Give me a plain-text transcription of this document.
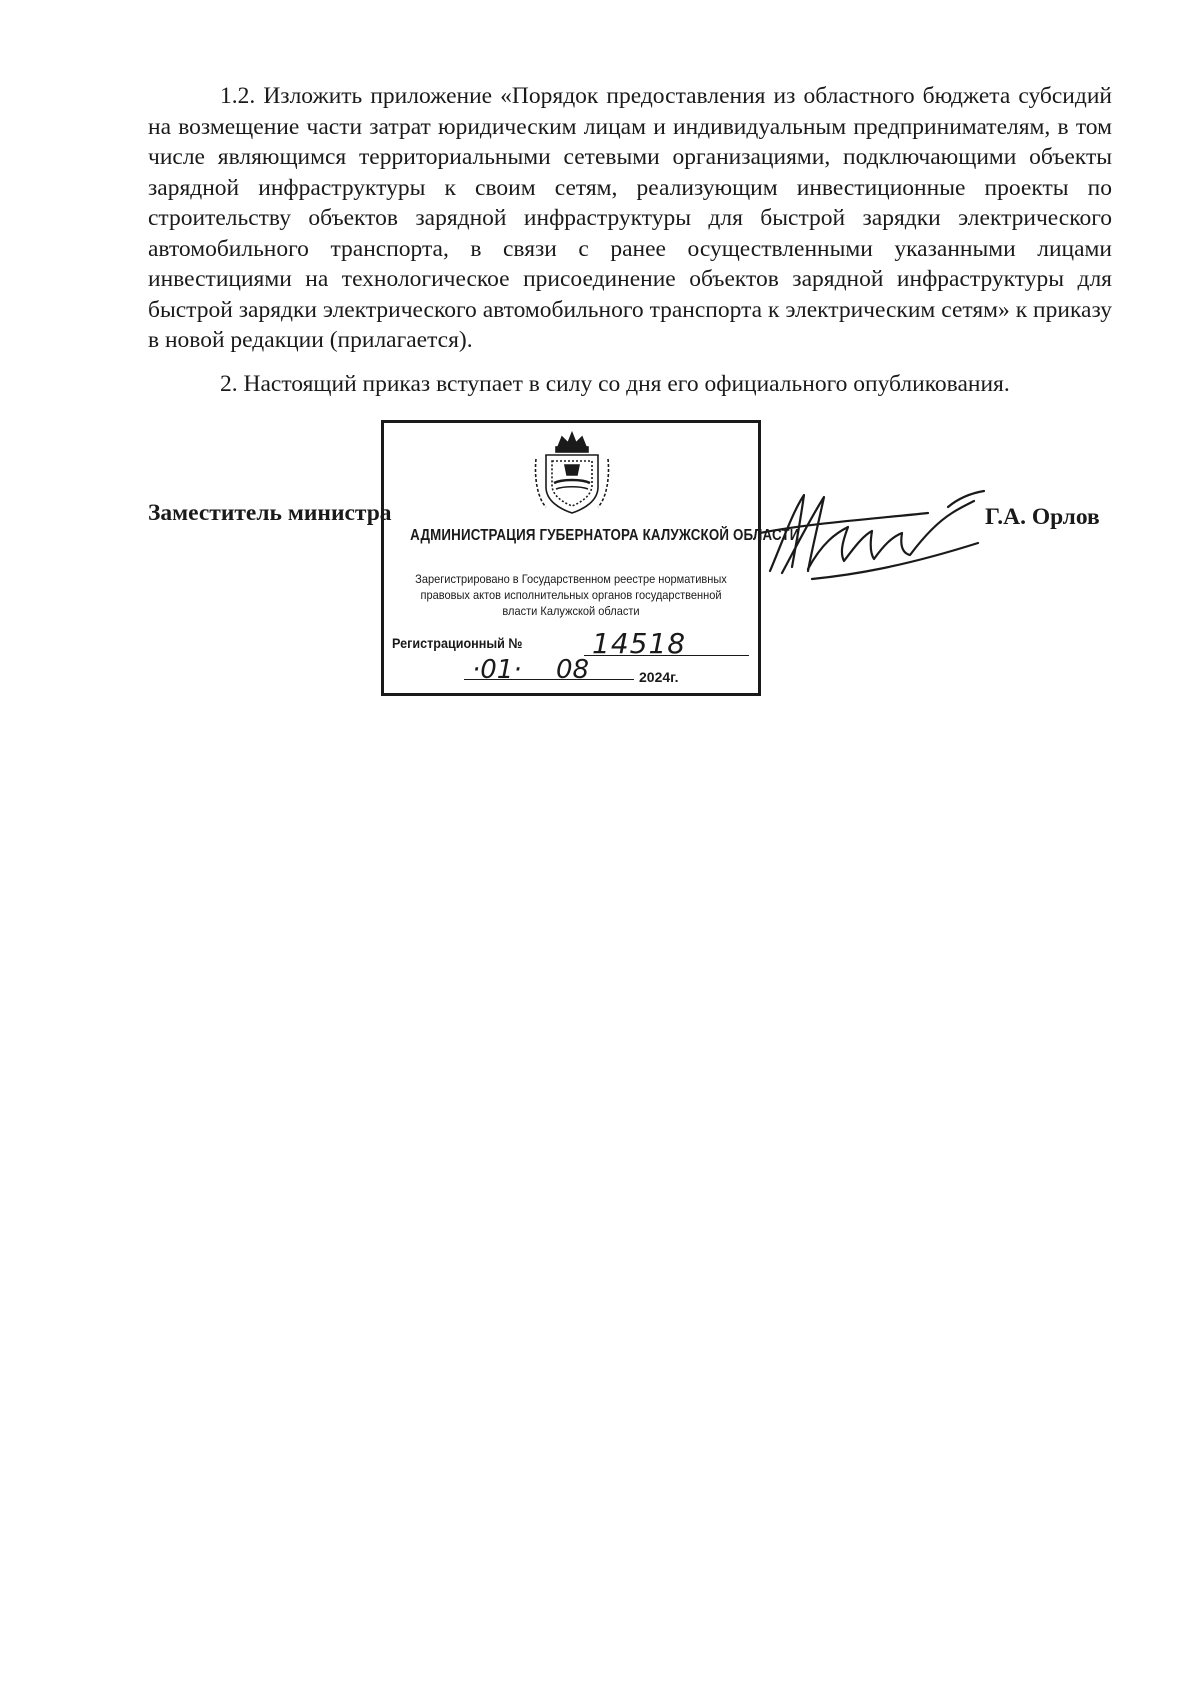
1.2. Изложить приложение «Порядок предоставления из областного бюджета субсидий на возмещение части затрат юридическим лицам и индивидуальным предпринимателям, в том числе являющимся территориальными сетевыми организациями, подключающими объекты зарядной инфраструктуры к своим сетям, реализующим инвестиционные проекты по строительству объектов зарядной инфраструктуры для быстрой зарядки электрического автомобильного транспорта, в связи с ранее осуществленными указанными лицами инвестициями на технологическое присоединение объектов зарядной инфраструктуры для быстрой зарядки электрического автомобильного транспорта к электрическим сетям» к приказу в новой редакции (прилагается).

2. Настоящий приказ вступает в силу со дня его официального опубликования.

Заместитель министра	Г.А. Орлов
АДМИНИСТРАЦИЯ ГУБЕРНАТОРА КАЛУЖСКОЙ ОБЛАСТИ
Зарегистрировано в Государственном реестре нормативных правовых актов исполнительных органов государственной власти Калужской области
Регистрационный № 14518
·01· 08	2024г.
